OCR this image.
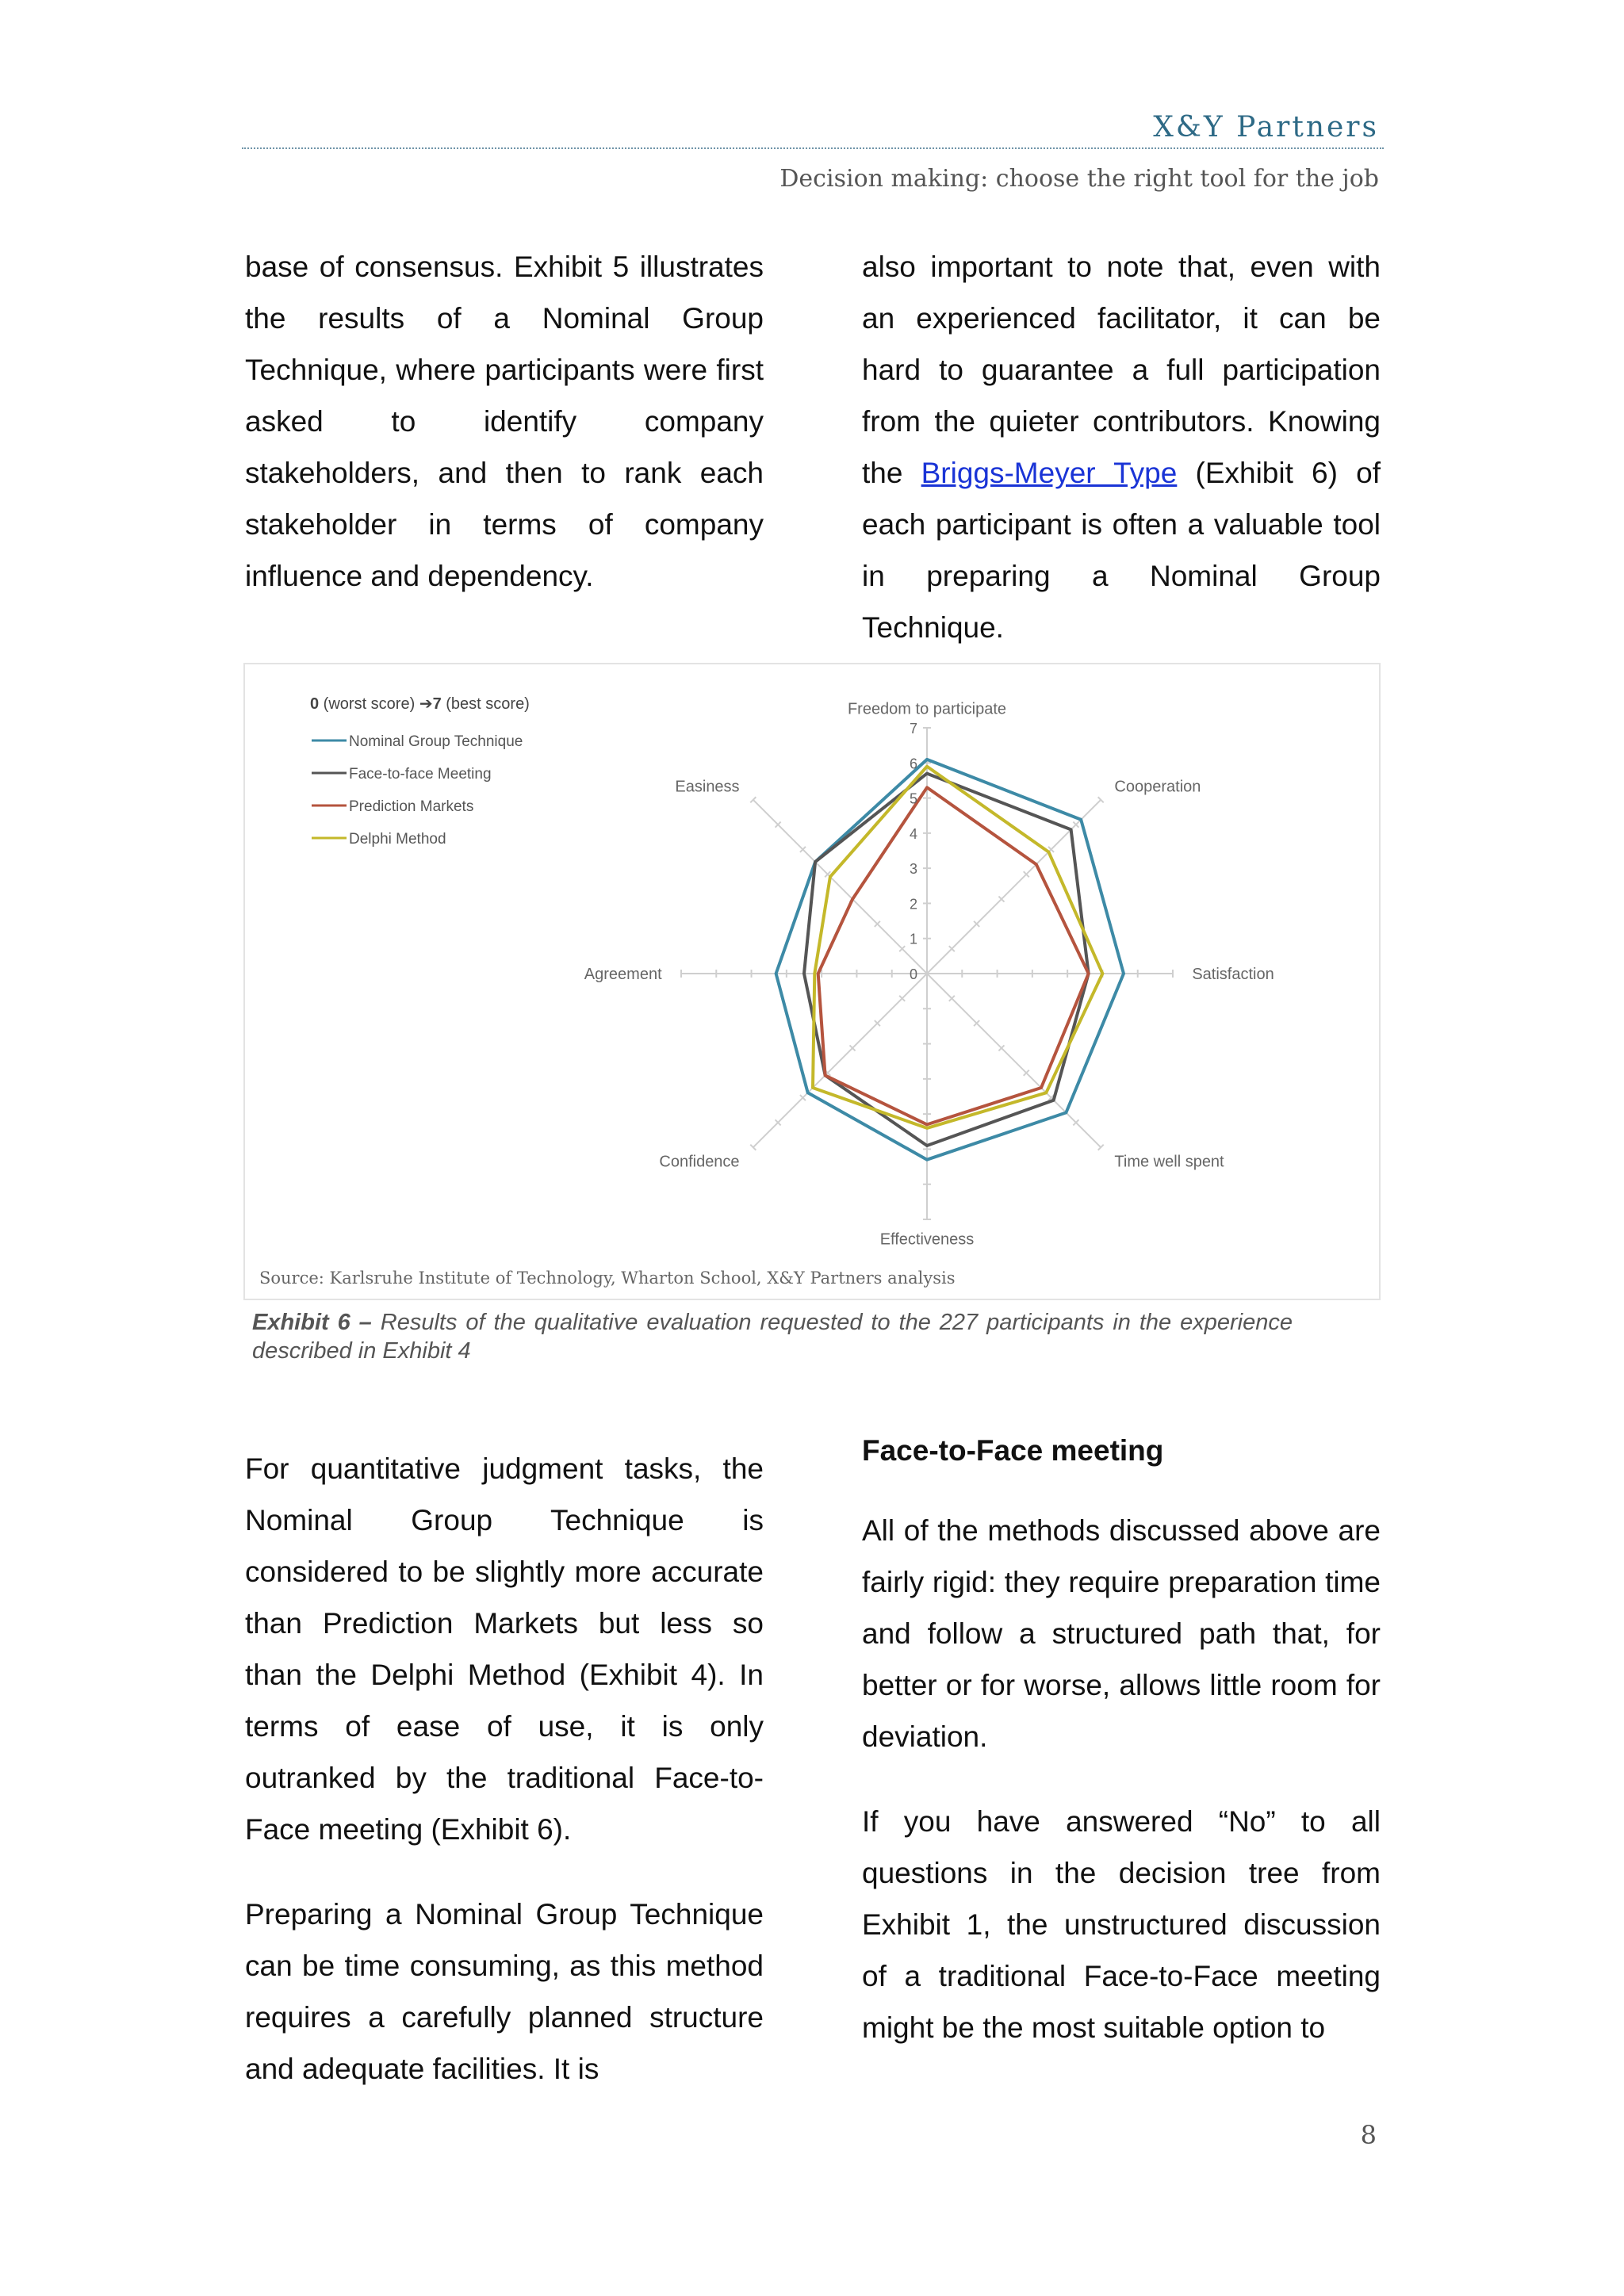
X&Y Partners
Decision making: choose the right tool for the job

base of consensus. Exhibit 5 illustrates the results of a Nominal Group Technique, where participants were first asked to identify company stakeholders, and then to rank each stakeholder in terms of company influence and dependency.

also important to note that, even with an experienced facilitator, it can be hard to guarantee a full participation from the quieter contributors. Knowing the Briggs-Meyer Type (Exhibit 6) of each participant is often a valuable tool in preparing a Nominal Group Technique.

0 (worst score) ➔7 (best score)
Nominal Group Technique
Face-to-face Meeting
Prediction Markets
Delphi Method
Freedom to participate
Cooperation
Satisfaction
Time well spent
Effectiveness
Confidence
Agreement
Easiness
0
1
2
3
4
5
6
7
Source: Karlsruhe Institute of Technology, Wharton School, X&Y Partners analysis
Exhibit 6 – Results of the qualitative evaluation requested to the 227 participants in the experience described in Exhibit 4

For quantitative judgment tasks, the Nominal Group Technique is considered to be slightly more accurate than Prediction Markets but less so than the Delphi Method (Exhibit 4). In terms of ease of use, it is only outranked by the traditional Face-to-Face meeting (Exhibit 6).

Preparing a Nominal Group Technique can be time consuming, as this method requires a carefully planned structure and adequate facilities. It is

Face-to-Face meeting

All of the methods discussed above are fairly rigid: they require preparation time and follow a structured path that, for better or for worse, allows little room for deviation.

If you have answered “No” to all questions in the decision tree from Exhibit 1, the unstructured discussion of a traditional Face-to-Face meeting might be the most suitable option to

8
